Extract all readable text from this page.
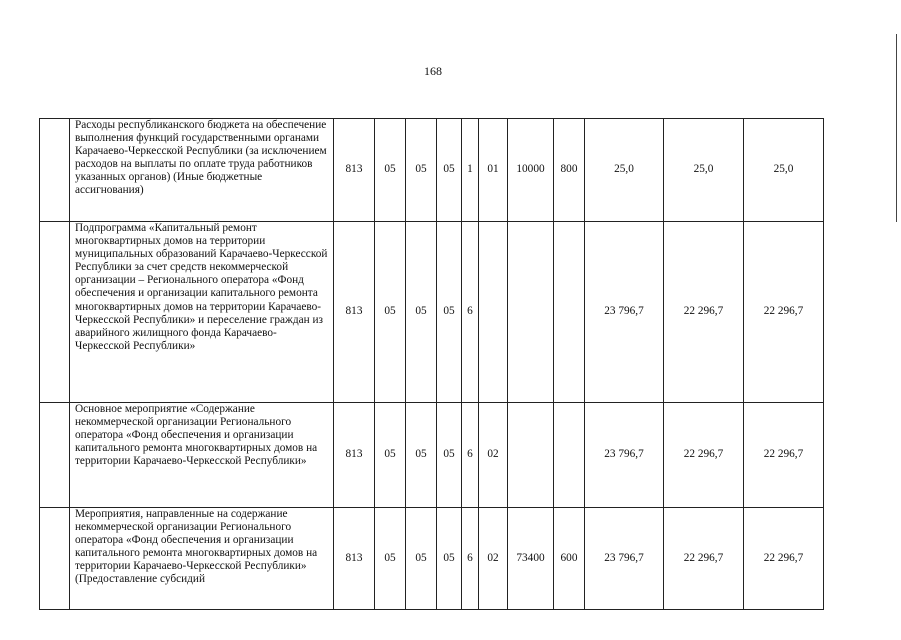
168

	Расходы республиканского бюджета на обеспечение выполнения функций государственными органами Карачаево-Черкесской Республики (за исключением расходов на выплаты по оплате труда работников указанных органов) (Иные бюджетные ассигнования)	813	05	05	05	1	01	10000	800	25,0	25,0	25,0

	Подпрограмма «Капитальный ремонт многоквартирных домов на территории муниципальных образований Карачаево-Черкесской Республики за счет средств некоммерческой организации – Регионального оператора «Фонд обеспечения и организации капитального ремонта многоквартирных домов на территории Карачаево-Черкесской Республики» и переселение граждан из аварийного жилищного фонда Карачаево-Черкесской Республики»	813	05	05	05	6				23 796,7	22 296,7	22 296,7

	Основное мероприятие «Содержание некоммерческой организации Регионального оператора «Фонд обеспечения и организации капитального ремонта многоквартирных домов на территории Карачаево-Черкесской Республики»	813	05	05	05	6	02			23 796,7	22 296,7	22 296,7

	Мероприятия, направленные на содержание некоммерческой организации Регионального оператора «Фонд обеспечения и организации капитального ремонта многоквартирных домов на территории Карачаево-Черкесской Республики» (Предоставление субсидий	813	05	05	05	6	02	73400	600	23 796,7	22 296,7	22 296,7
